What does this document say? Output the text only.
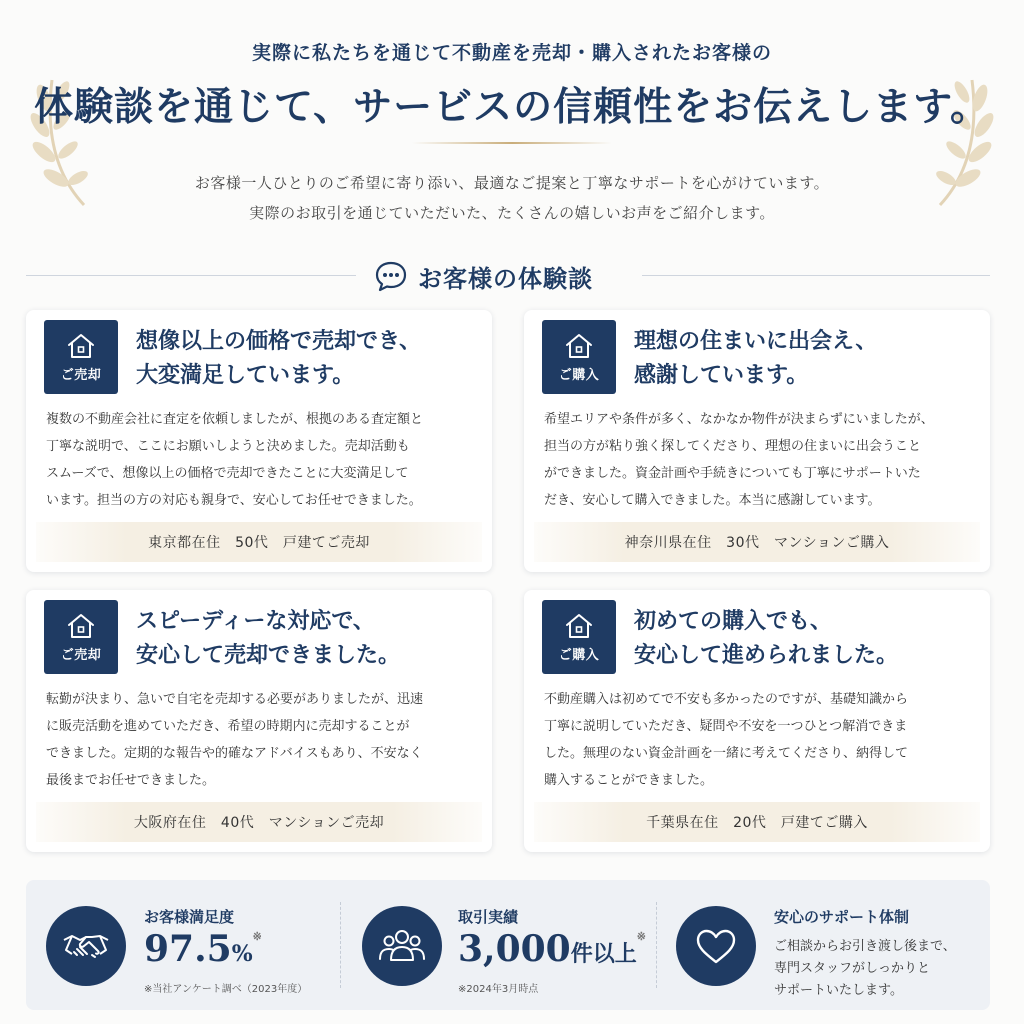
実際に私たちを通じて不動産を売却・購入されたお客様の
体験談を通じて、サービスの信頼性をお伝えします。
お客様一人ひとりのご希望に寄り添い、最適なご提案と丁寧なサポートを心がけています。
実際のお取引を通じていただいた、たくさんの嬉しいお声をご紹介します。
お客様の体験談
ご売却
想像以上の価格で売却でき、
大変満足しています。
複数の不動産会社に査定を依頼しましたが、根拠のある査定額と
丁寧な説明で、ここにお願いしようと決めました。売却活動も
スムーズで、想像以上の価格で売却できたことに大変満足して
います。担当の方の対応も親身で、安心してお任せできました。
東京都在住　50代　戸建てご売却
ご購入
理想の住まいに出会え、
感謝しています。
希望エリアや条件が多く、なかなか物件が決まらずにいましたが、
担当の方が粘り強く探してくださり、理想の住まいに出会うこと
ができました。資金計画や手続きについても丁寧にサポートいた
だき、安心して購入できました。本当に感謝しています。
神奈川県在住　30代　マンションご購入
ご売却
スピーディーな対応で、
安心して売却できました。
転勤が決まり、急いで自宅を売却する必要がありましたが、迅速
に販売活動を進めていただき、希望の時期内に売却することが
できました。定期的な報告や的確なアドバイスもあり、不安なく
最後までお任せできました。
大阪府在住　40代　マンションご売却
ご購入
初めての購入でも、
安心して進められました。
不動産購入は初めてで不安も多かったのですが、基礎知識から
丁寧に説明していただき、疑問や不安を一つひとつ解消できま
した。無理のない資金計画を一緒に考えてくださり、納得して
購入することができました。
千葉県在住　20代　戸建てご購入
お客様満足度
97.5%※
※当社アンケート調べ（2023年度）
取引実績
3,000件以上※
※2024年3月時点
安心のサポート体制
ご相談からお引き渡し後まで、
専門スタッフがしっかりと
サポートいたします。
